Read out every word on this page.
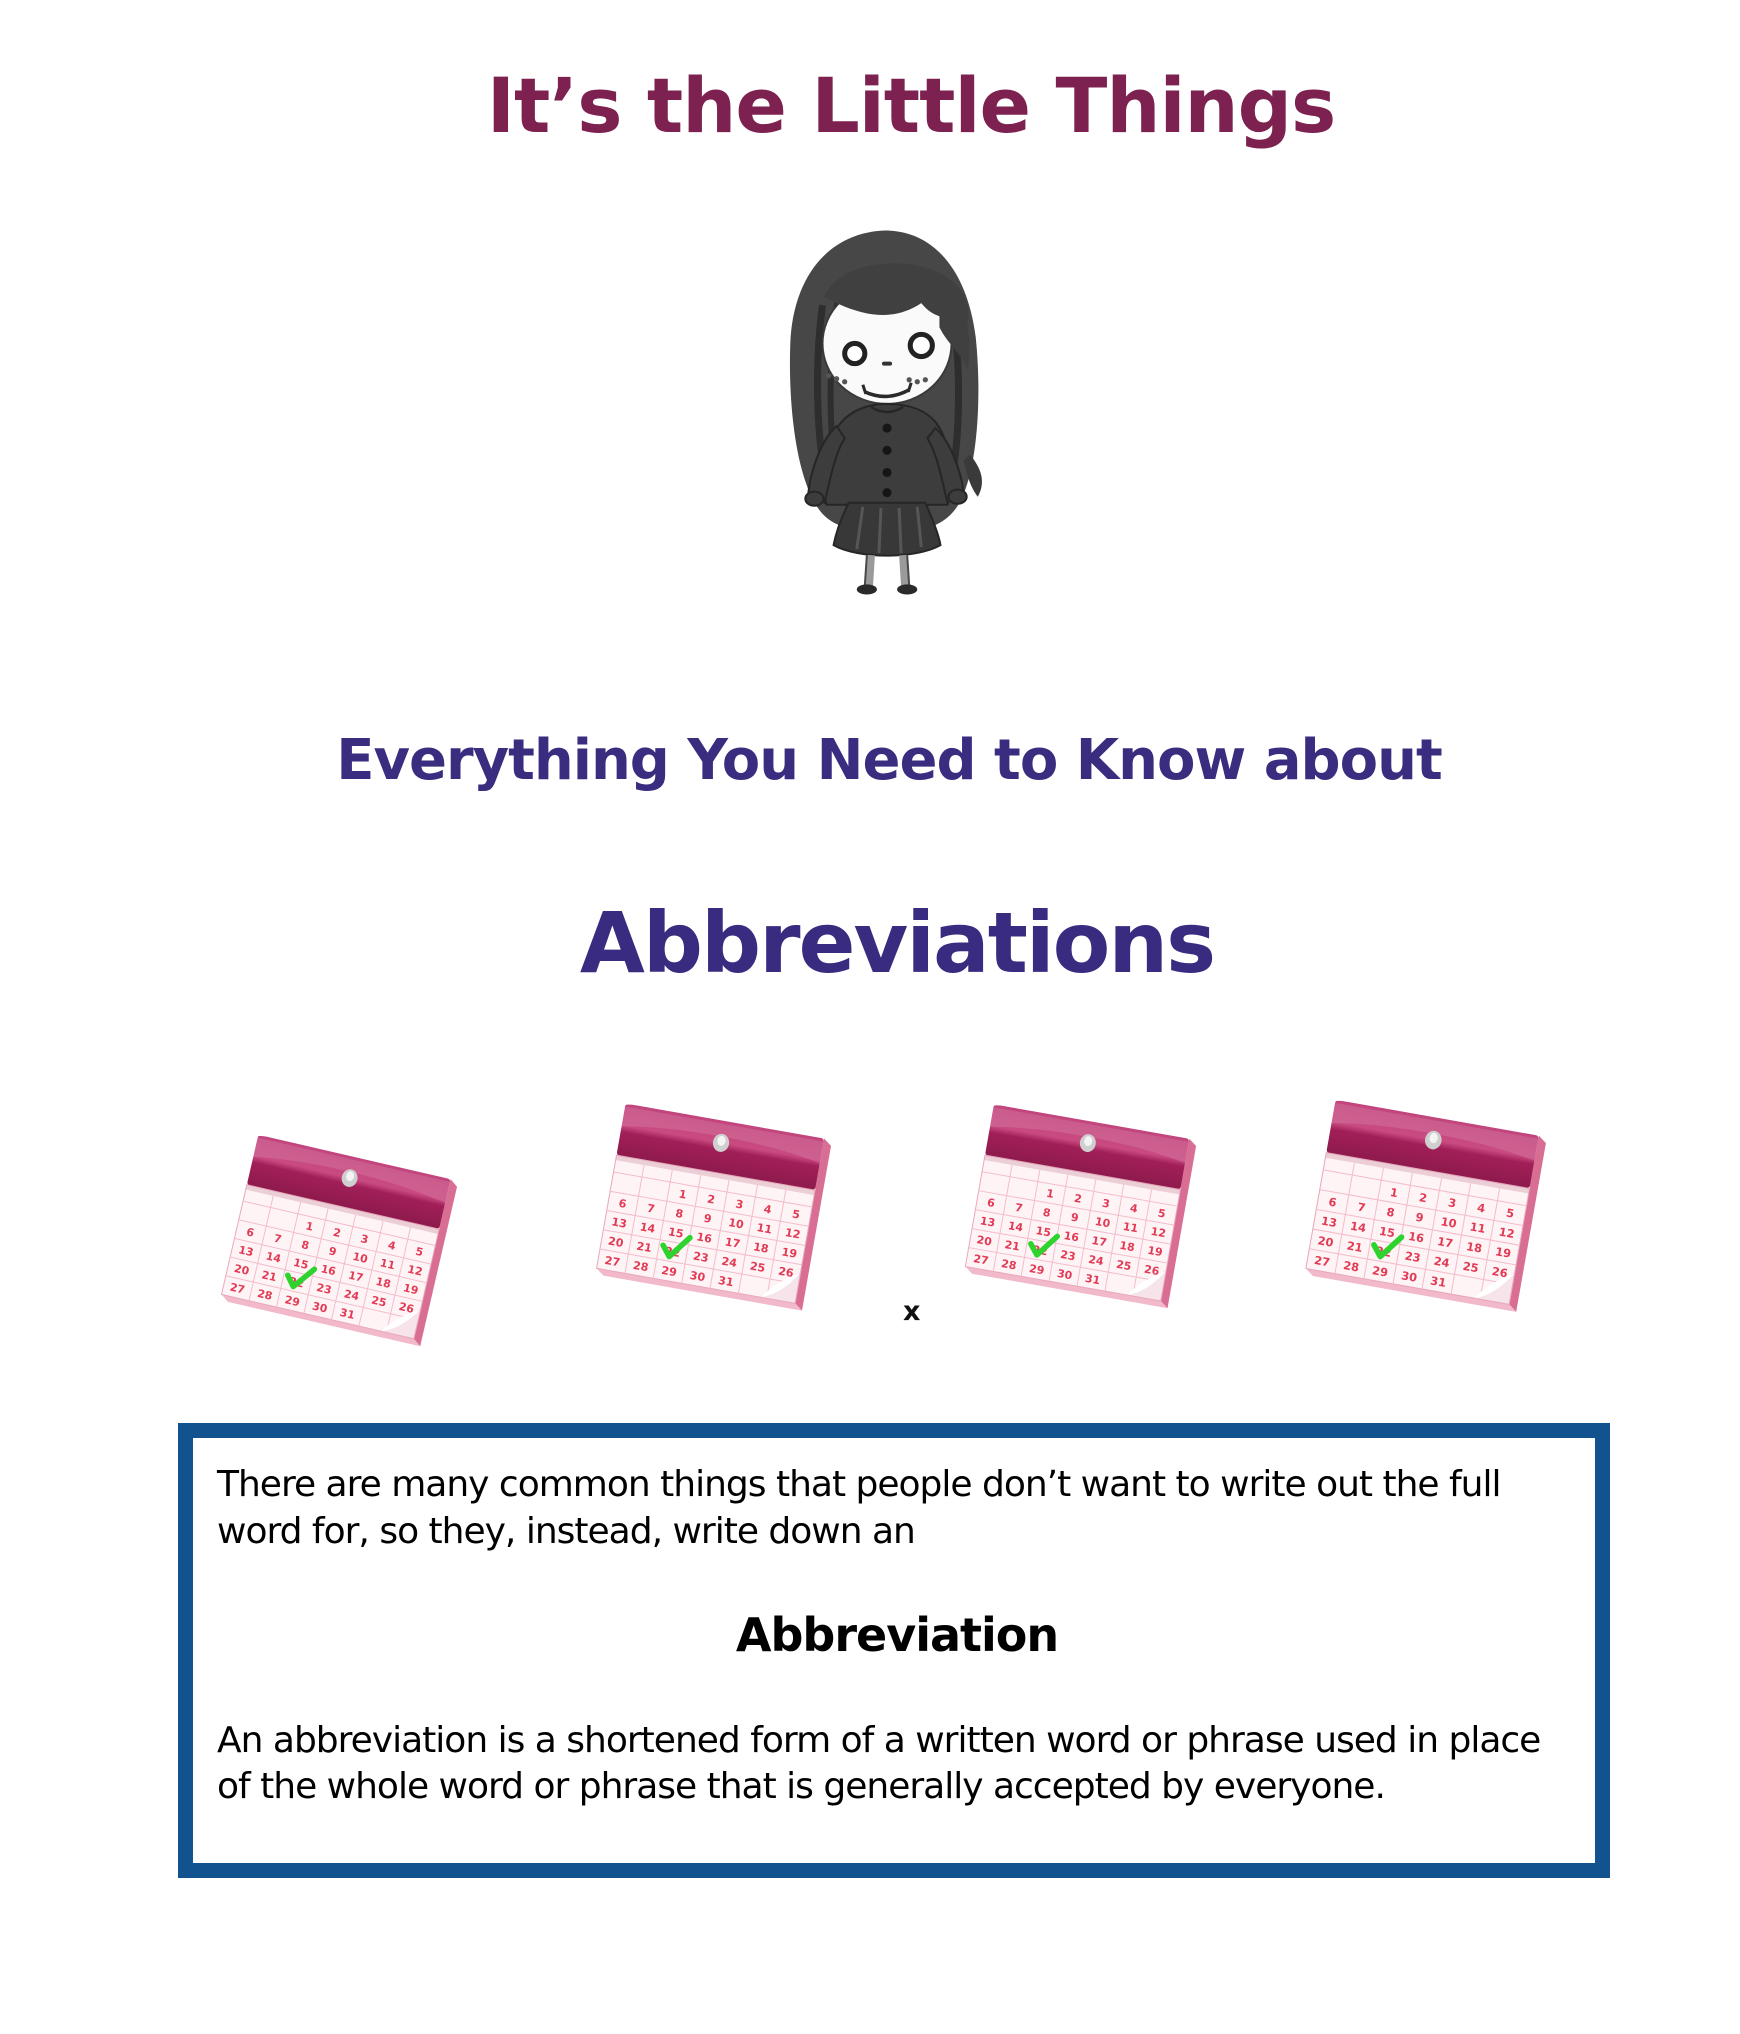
It’s the Little Things
Everything You Need to Know about
Abbreviations
x

There are many common things that people don’t want to write out the full word for, so they, instead, write down an

Abbreviation

An abbreviation is a shortened form of a written word or phrase used in place of the whole word or phrase that is generally accepted by everyone.
